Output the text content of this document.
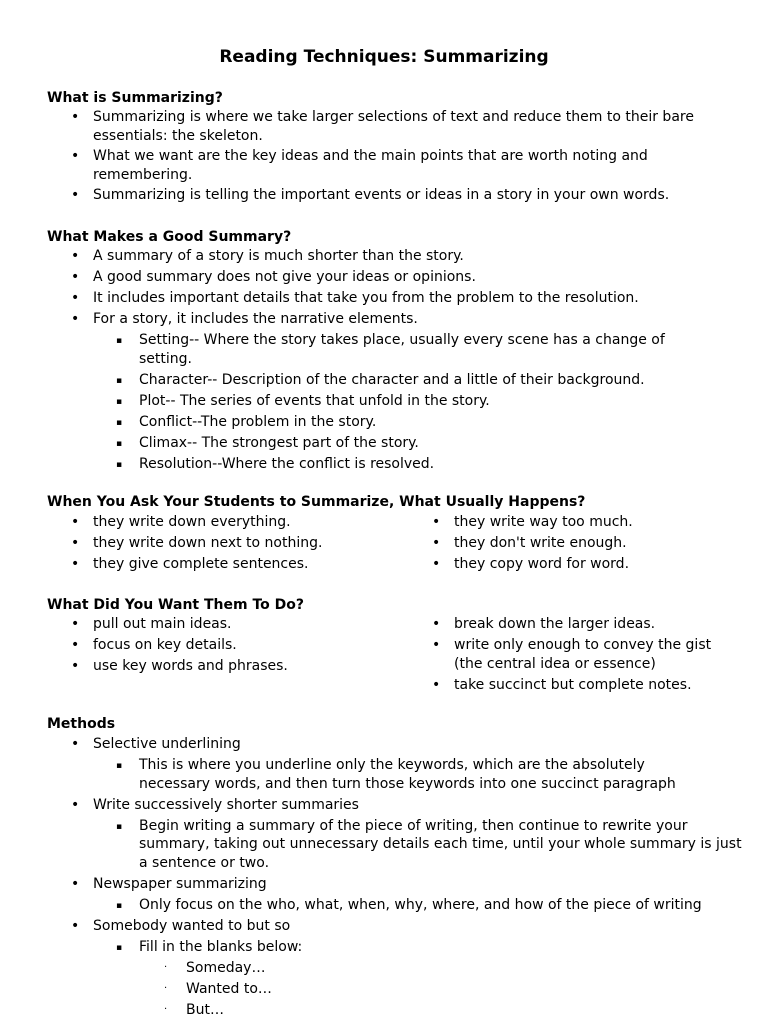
Reading Techniques: Summarizing

What is Summarizing?

• Summarizing is where we take larger selections of text and reduce them to their bare essentials: the skeleton.
• What we want are the key ideas and the main points that are worth noting and remembering.
• Summarizing is telling the important events or ideas in a story in your own words.

What Makes a Good Summary?

• A summary of a story is much shorter than the story.
• A good summary does not give your ideas or opinions.
• It includes important details that take you from the problem to the resolution.
• For a story, it includes the narrative elements.
▪ Setting-- Where the story takes place, usually every scene has a change of setting.
▪ Character-- Description of the character and a little of their background.
▪ Plot-- The series of events that unfold in the story.
▪ Conflict--The problem in the story.
▪ Climax-- The strongest part of the story.
▪ Resolution--Where the conflict is resolved.

When You Ask Your Students to Summarize, What Usually Happens?

• they write down everything.
• they write down next to nothing.
• they give complete sentences.
• they write way too much.
• they don't write enough.
• they copy word for word.

What Did You Want Them To Do?

• pull out main ideas.
• focus on key details.
• use key words and phrases.
• break down the larger ideas.
• write only enough to convey the gist (the central idea or essence)
• take succinct but complete notes.

Methods

• Selective underlining
▪ This is where you underline only the keywords, which are the absolutely necessary words, and then turn those keywords into one succinct paragraph
• Write successively shorter summaries
▪ Begin writing a summary of the piece of writing, then continue to rewrite your summary, taking out unnecessary details each time, until your whole summary is just a sentence or two.
• Newspaper summarizing
▪ Only focus on the who, what, when, why, where, and how of the piece of writing
• Somebody wanted to but so
▪ Fill in the blanks below:
· Someday…
· Wanted to…
· But…
